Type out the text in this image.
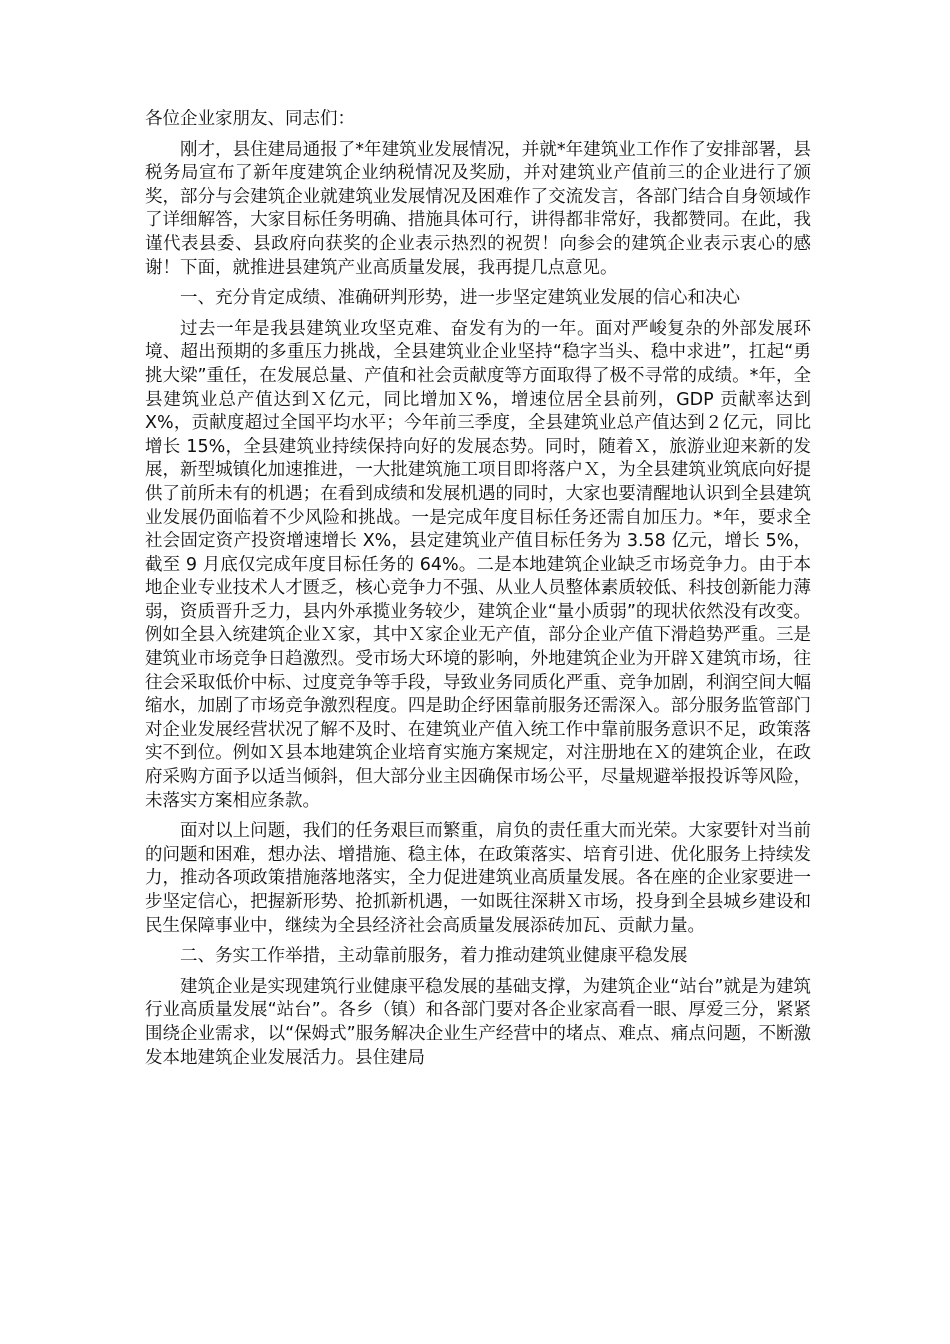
各位企业家朋友、同志们：

刚才，县住建局通报了*年建筑业发展情况，并就*年建筑业工作作了安排部署，县税务局宣布了新年度建筑企业纳税情况及奖励，并对建筑业产值前三的企业进行了颁奖，部分与会建筑企业就建筑业发展情况及困难作了交流发言，各部门结合自身领域作了详细解答，大家目标任务明确、措施具体可行，讲得都非常好，我都赞同。在此，我谨代表县委、县政府向获奖的企业表示热烈的祝贺！向参会的建筑企业表示衷心的感谢！下面，就推进县建筑产业高质量发展，我再提几点意见。

一、充分肯定成绩、准确研判形势，进一步坚定建筑业发展的信心和决心

过去一年是我县建筑业攻坚克难、奋发有为的一年。面对严峻复杂的外部发展环境、超出预期的多重压力挑战，全县建筑业企业坚持“稳字当头、稳中求进”，扛起“勇挑大梁”重任，在发展总量、产值和社会贡献度等方面取得了极不寻常的成绩。*年，全县建筑业总产值达到Ｘ亿元，同比增加Ｘ%，增速位居全县前列，GDP 贡献率达到 X%，贡献度超过全国平均水平；今年前三季度，全县建筑业总产值达到２亿元，同比增长 15%，全县建筑业持续保持向好的发展态势。同时，随着Ｘ，旅游业迎来新的发展，新型城镇化加速推进，一大批建筑施工项目即将落户Ｘ，为全县建筑业筑底向好提供了前所未有的机遇；在看到成绩和发展机遇的同时，大家也要清醒地认识到全县建筑业发展仍面临着不少风险和挑战。一是完成年度目标任务还需自加压力。*年，要求全社会固定资产投资增速增长 X%，县定建筑业产值目标任务为 3.58 亿元，增长 5%，截至 9 月底仅完成年度目标任务的 64%。二是本地建筑企业缺乏市场竞争力。由于本地企业专业技术人才匮乏，核心竞争力不强、从业人员整体素质较低、科技创新能力薄弱，资质晋升乏力，县内外承揽业务较少，建筑企业“量小质弱”的现状依然没有改变。例如全县入统建筑企业Ｘ家，其中Ｘ家企业无产值，部分企业产值下滑趋势严重。三是建筑业市场竞争日趋激烈。受市场大环境的影响，外地建筑企业为开辟Ｘ建筑市场，往往会采取低价中标、过度竞争等手段，导致业务同质化严重、竞争加剧，利润空间大幅缩水，加剧了市场竞争激烈程度。四是助企纾困靠前服务还需深入。部分服务监管部门对企业发展经营状况了解不及时、在建筑业产值入统工作中靠前服务意识不足，政策落实不到位。例如Ｘ县本地建筑企业培育实施方案规定，对注册地在Ｘ的建筑企业，在政府采购方面予以适当倾斜，但大部分业主因确保市场公平，尽量规避举报投诉等风险，未落实方案相应条款。

面对以上问题，我们的任务艰巨而繁重，肩负的责任重大而光荣。大家要针对当前的问题和困难，想办法、增措施、稳主体，在政策落实、培育引进、优化服务上持续发力，推动各项政策措施落地落实，全力促进建筑业高质量发展。各在座的企业家要进一步坚定信心，把握新形势、抢抓新机遇，一如既往深耕Ｘ市场，投身到全县城乡建设和民生保障事业中，继续为全县经济社会高质量发展添砖加瓦、贡献力量。

二、务实工作举措，主动靠前服务，着力推动建筑业健康平稳发展

建筑企业是实现建筑行业健康平稳发展的基础支撑，为建筑企业“站台”就是为建筑行业高质量发展“站台”。各乡（镇）和各部门要对各企业家高看一眼、厚爱三分，紧紧围绕企业需求，以“保姆式”服务解决企业生产经营中的堵点、难点、痛点问题，不断激发本地建筑企业发展活力。县住建局
